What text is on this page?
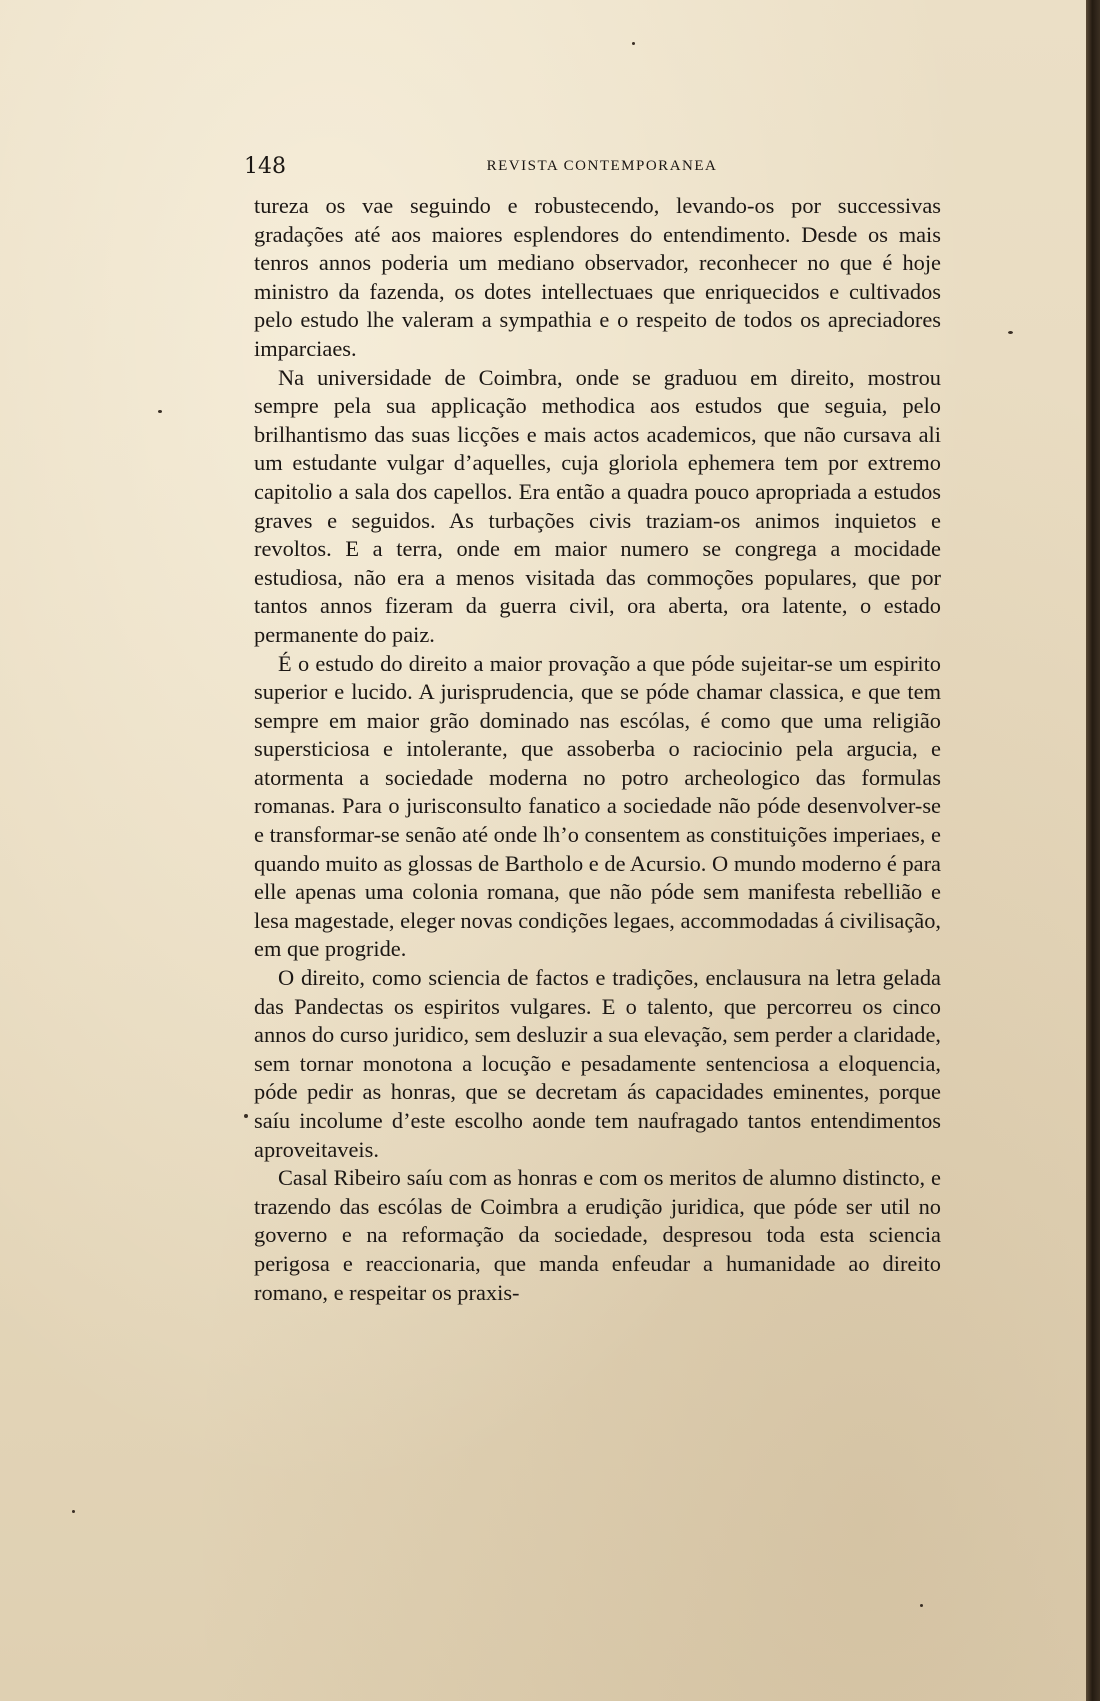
148	REVISTA CONTEMPORANEA

tureza os vae seguindo e robustecendo, levando-os por successivas gradações até aos maiores esplendores do entendimento. Desde os mais tenros annos poderia um mediano observador, reconhecer no que é hoje ministro da fazenda, os dotes intellectuaes que enriquecidos e cultivados pelo estudo lhe valeram a sympathia e o respeito de todos os apreciadores imparciaes.

Na universidade de Coimbra, onde se graduou em direito, mostrou sempre pela sua applicação methodica aos estudos que seguia, pelo brilhantismo das suas licções e mais actos academicos, que não cursava ali um estudante vulgar d’aquelles, cuja gloriola ephemera tem por extremo capitolio a sala dos capellos. Era então a quadra pouco apropriada a estudos graves e seguidos. As turbações civis traziam-os animos inquietos e revoltos. E a terra, onde em maior numero se congrega a mocidade estudiosa, não era a menos visitada das commoções populares, que por tantos annos fizeram da guerra civil, ora aberta, ora latente, o estado permanente do paiz.

É o estudo do direito a maior provação a que póde sujeitar-se um espirito superior e lucido. A jurisprudencia, que se póde chamar classica, e que tem sempre em maior grão dominado nas escólas, é como que uma religião supersticiosa e intolerante, que assoberba o raciocinio pela argucia, e atormenta a sociedade moderna no potro archeologico das formulas romanas. Para o jurisconsulto fanatico a sociedade não póde desenvolver-se e transformar-se senão até onde lh’o consentem as constituições imperiaes, e quando muito as glossas de Bartholo e de Acursio. O mundo moderno é para elle apenas uma colonia romana, que não póde sem manifesta rebellião e lesa magestade, eleger novas condições legaes, accommodadas á civilisação, em que progride.

O direito, como sciencia de factos e tradições, enclausura na letra gelada das Pandectas os espiritos vulgares. E o talento, que percorreu os cinco annos do curso juridico, sem desluzir a sua elevação, sem perder a claridade, sem tornar monotona a locução e pesadamente sentenciosa a eloquencia, póde pedir as honras, que se decretam ás capacidades eminentes, porque saíu incolume d’este escolho aonde tem naufragado tantos entendimentos aproveitaveis.

Casal Ribeiro saíu com as honras e com os meritos de alumno distincto, e trazendo das escólas de Coimbra a erudição juridica, que póde ser util no governo e na reformação da sociedade, despresou toda esta sciencia perigosa e reaccionaria, que manda enfeudar a humanidade ao direito romano, e respeitar os praxis-
